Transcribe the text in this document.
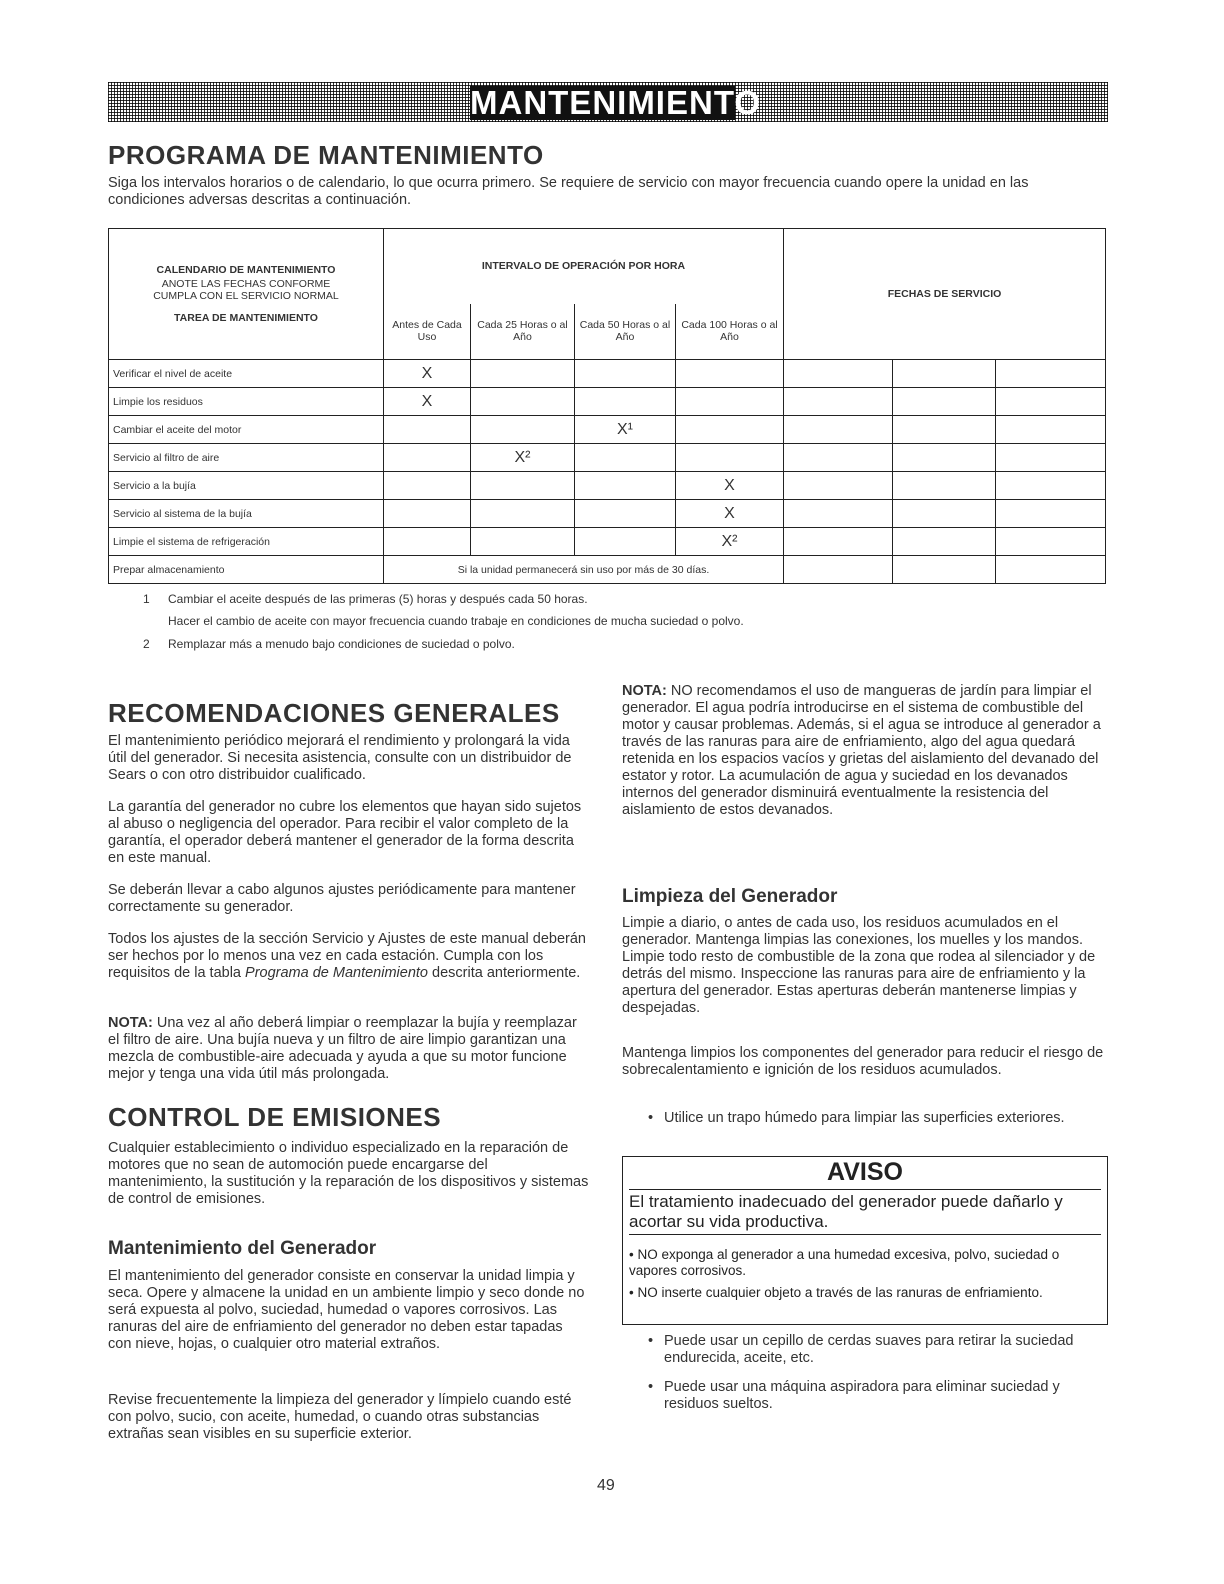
MANTENIMIENTO
PROGRAMA DE MANTENIMIENTO

Siga los intervalos horarios o de calendario, lo que ocurra primero. Se requiere de servicio con mayor frecuencia cuando opere la unidad en las condiciones adversas descritas a continuación.

CALENDARIO DE MANTENIMIENTO
ANOTE LAS FECHAS CONFORME CUMPLA CON EL SERVICIO NORMAL
TAREA DE MANTENIMIENTO	INTERVALO DE OPERACIÓN POR HORA				FECHAS DE SERVICIO		
	Antes de Cada Uso	Cada 25 Horas o al Año	Cada 50 Horas o al Año	Cada 100 Horas o al Año			
Verificar el nivel de aceite	X						
Limpie los residuos	X						
Cambiar el aceite del motor			X¹				
Servicio al filtro de aire		X²					
Servicio a la bujía				X			
Servicio al sistema de la bujía				X			
Limpie el sistema de refrigeración				X²			
Prepar almacenamiento	Si la unidad permanecerá sin uso por más de 30 días.						
1 Cambiar el aceite después de las primeras (5) horas y después cada 50 horas.
Hacer el cambio de aceite con mayor frecuencia cuando trabaje en condiciones de mucha suciedad o polvo.
2 Remplazar más a menudo bajo condiciones de suciedad o polvo.
RECOMENDACIONES GENERALES

El mantenimiento periódico mejorará el rendimiento y prolongará la vida útil del generador. Si necesita asistencia, consulte con un distribuidor de Sears o con otro distribuidor cualificado.

La garantía del generador no cubre los elementos que hayan sido sujetos al abuso o negligencia del operador. Para recibir el valor completo de la garantía, el operador deberá mantener el generador de la forma descrita en este manual.

Se deberán llevar a cabo algunos ajustes periódicamente para mantener correctamente su generador.

Todos los ajustes de la sección Servicio y Ajustes de este manual deberán ser hechos por lo menos una vez en cada estación. Cumpla con los requisitos de la tabla Programa de Mantenimiento descrita anteriormente.

NOTA: Una vez al año deberá limpiar o reemplazar la bujía y reemplazar el filtro de aire. Una bujía nueva y un filtro de aire limpio garantizan una mezcla de combustible-aire adecuada y ayuda a que su motor funcione mejor y tenga una vida útil más prolongada.

CONTROL DE EMISIONES

Cualquier establecimiento o individuo especializado en la reparación de motores que no sean de automoción puede encargarse del mantenimiento, la sustitución y la reparación de los dispositivos y sistemas de control de emisiones.

Mantenimiento del Generador

El mantenimiento del generador consiste en conservar la unidad limpia y seca. Opere y almacene la unidad en un ambiente limpio y seco donde no será expuesta al polvo, suciedad, humedad o vapores corrosivos. Las ranuras del aire de enfriamiento del generador no deben estar tapadas con nieve, hojas, o cualquier otro material extraños.

Revise frecuentemente la limpieza del generador y límpielo cuando esté con polvo, sucio, con aceite, humedad, o cuando otras substancias extrañas sean visibles en su superficie exterior.

NOTA: NO recomendamos el uso de mangueras de jardín para limpiar el generador. El agua podría introducirse en el sistema de combustible del motor y causar problemas. Además, si el agua se introduce al generador a través de las ranuras para aire de enfriamiento, algo del agua quedará retenida en los espacios vacíos y grietas del aislamiento del devanado del estator y rotor. La acumulación de agua y suciedad en los devanados internos del generador disminuirá eventualmente la resistencia del aislamiento de estos devanados.

Limpieza del Generador

Limpie a diario, o antes de cada uso, los residuos acumulados en el generador. Mantenga limpias las conexiones, los muelles y los mandos. Limpie todo resto de combustible de la zona que rodea al silenciador y de detrás del mismo. Inspeccione las ranuras para aire de enfriamiento y la apertura del generador. Estas aperturas deberán mantenerse limpias y despejadas.

Mantenga limpios los componentes del generador para reducir el riesgo de sobrecalentamiento e ignición de los residuos acumulados.

• Utilice un trapo húmedo para limpiar las superficies exteriores.
AVISO
El tratamiento inadecuado del generador puede dañarlo y acortar su vida productiva.
• NO exponga al generador a una humedad excesiva, polvo, suciedad o vapores corrosivos.
• NO inserte cualquier objeto a través de las ranuras de enfriamiento.
• Puede usar un cepillo de cerdas suaves para retirar la suciedad endurecida, aceite, etc.
• Puede usar una máquina aspiradora para eliminar suciedad y residuos sueltos.
49
